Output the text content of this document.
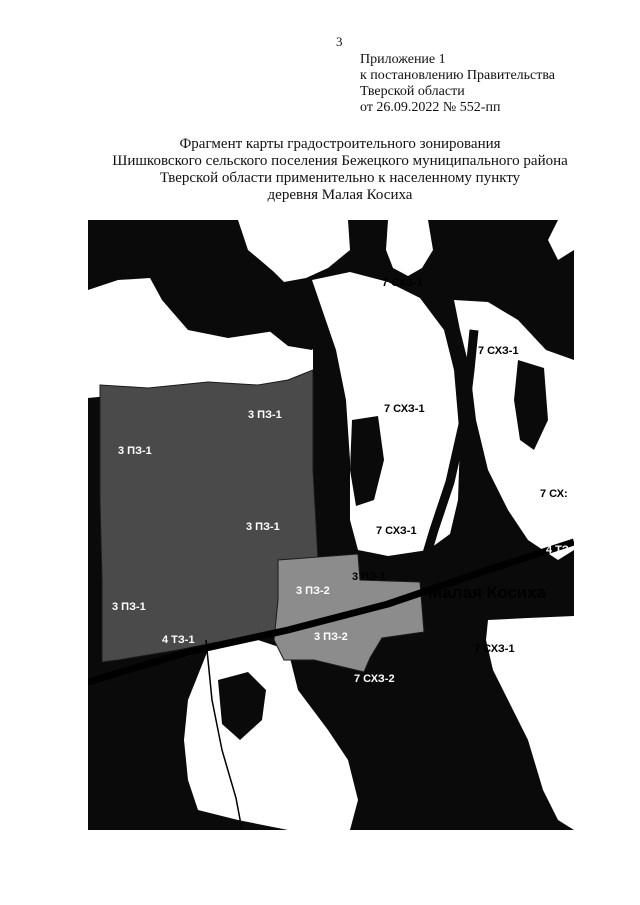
3
Приложение 1
к постановлению Правительства
Тверской области
от 26.09.2022 № 552-пп
Фрагмент карты градостроительного зонирования
Шишковского сельского поселения Бежецкого муниципального района
Тверской области применительно к населенному пункту
деревня Малая Косиха
7 СХЗ-1
7 СХЗ-1	7 СХЗ-1
7 СХЗ-1
7 СХЗ-1
7 СХ:
7 СХЗ-1
7 СХЗ-2
3 ПЗ-1
3 ПЗ-1
3 ПЗ-1
3 ПЗ-1
3 ПЗ-1
3 ПЗ-2
3 ПЗ-2
4 ТЗ-1
4 ТЗ
Малая Косиха
